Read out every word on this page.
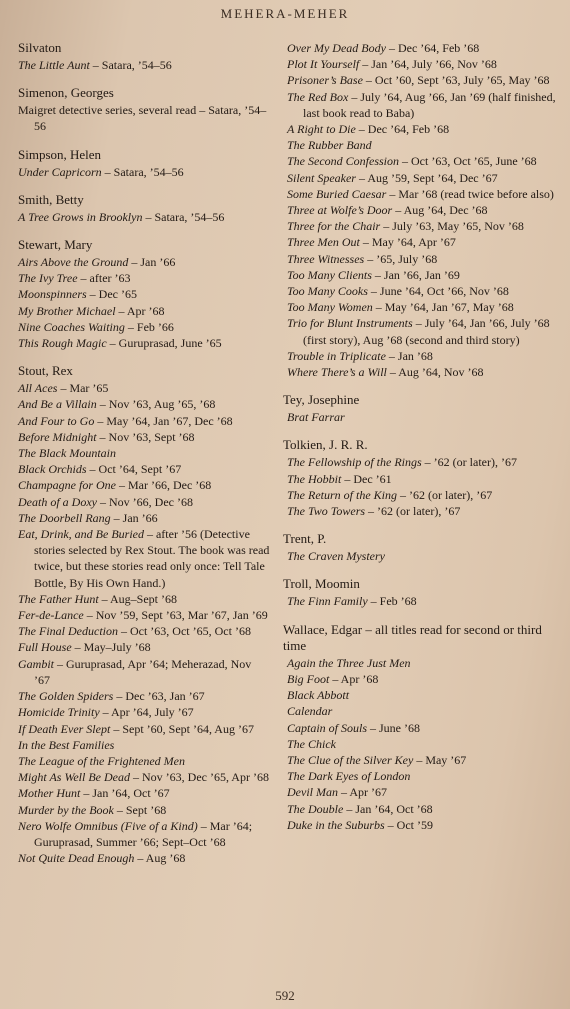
MEHERA-MEHER
Silvaton
The Little Aunt – Satara, ’54–56
Simenon, Georges
Maigret detective series, several read – Satara, ’54–56
Simpson, Helen
Under Capricorn – Satara, ’54–56
Smith, Betty
A Tree Grows in Brooklyn – Satara, ’54–56
Stewart, Mary
Airs Above the Ground – Jan ’66
The Ivy Tree – after ’63
Moonspinners – Dec ’65
My Brother Michael – Apr ’68
Nine Coaches Waiting – Feb ’66
This Rough Magic – Guruprasad, June ’65
Stout, Rex
All Aces – Mar ’65
And Be a Villain – Nov ’63, Aug ’65, ’68
And Four to Go – May ’64, Jan ’67, Dec ’68
Before Midnight – Nov ’63, Sept ’68
The Black Mountain
Black Orchids – Oct ’64, Sept ’67
Champagne for One – Mar ’66, Dec ’68
Death of a Doxy – Nov ’66, Dec ’68
The Doorbell Rang – Jan ’66
Eat, Drink, and Be Buried – after ’56 (Detective stories selected by Rex Stout. The book was read twice, but these stories read only once: Tell Tale Bottle, By His Own Hand.)
The Father Hunt – Aug–Sept ’68
Fer-de-Lance – Nov ’59, Sept ’63, Mar ’67, Jan ’69
The Final Deduction – Oct ’63, Oct ’65, Oct ’68
Full House – May–July ’68
Gambit – Guruprasad, Apr ’64; Meherazad, Nov ’67
The Golden Spiders – Dec ’63, Jan ’67
Homicide Trinity – Apr ’64, July ’67
If Death Ever Slept – Sept ’60, Sept ’64, Aug ’67
In the Best Families
The League of the Frightened Men
Might As Well Be Dead – Nov ’63, Dec ’65, Apr ’68
Mother Hunt – Jan ’64, Oct ’67
Murder by the Book – Sept ’68
Nero Wolfe Omnibus (Five of a Kind) – Mar ’64; Guruprasad, Summer ’66; Sept–Oct ’68
Not Quite Dead Enough – Aug ’68
Over My Dead Body – Dec ’64, Feb ’68
Plot It Yourself – Jan ’64, July ’66, Nov ’68
Prisoner’s Base – Oct ’60, Sept ’63, July ’65, May ’68
The Red Box – July ’64, Aug ’66, Jan ’69 (half finished, last book read to Baba)
A Right to Die – Dec ’64, Feb ’68
The Rubber Band
The Second Confession – Oct ’63, Oct ’65, June ’68
Silent Speaker – Aug ’59, Sept ’64, Dec ’67
Some Buried Caesar – Mar ’68 (read twice before also)
Three at Wolfe’s Door – Aug ’64, Dec ’68
Three for the Chair – July ’63, May ’65, Nov ’68
Three Men Out – May ’64, Apr ’67
Three Witnesses – ’65, July ’68
Too Many Clients – Jan ’66, Jan ’69
Too Many Cooks – June ’64, Oct ’66, Nov ’68
Too Many Women – May ’64, Jan ’67, May ’68
Trio for Blunt Instruments – July ’64, Jan ’66, July ’68 (first story), Aug ’68 (second and third story)
Trouble in Triplicate – Jan ’68
Where There’s a Will – Aug ’64, Nov ’68
Tey, Josephine
Brat Farrar
Tolkien, J. R. R.
The Fellowship of the Rings – ’62 (or later), ’67
The Hobbit – Dec ’61
The Return of the King – ’62 (or later), ’67
The Two Towers – ’62 (or later), ’67
Trent, P.
The Craven Mystery
Troll, Moomin
The Finn Family – Feb ’68
Wallace, Edgar – all titles read for second or third time
Again the Three Just Men
Big Foot – Apr ’68
Black Abbott
Calendar
Captain of Souls – June ’68
The Chick
The Clue of the Silver Key – May ’67
The Dark Eyes of London
Devil Man – Apr ’67
The Double – Jan ’64, Oct ’68
Duke in the Suburbs – Oct ’59
592
